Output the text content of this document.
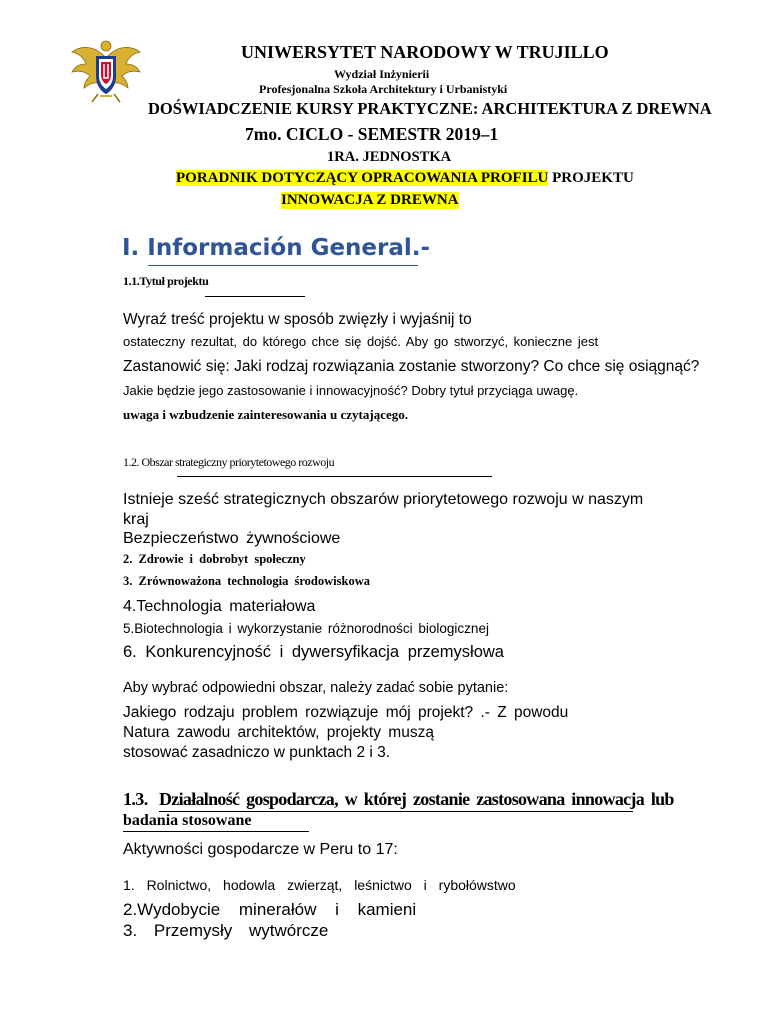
UNIWERSYTET NARODOWY W TRUJILLO
Wydział Inżynierii
Profesjonalna Szkoła Architektury i Urbanistyki
DOŚWIADCZENIE KURSY PRAKTYCZNE: ARCHITEKTURA Z DREWNA
7mo. CICLO - SEMESTR 2019–1
1RA. JEDNOSTKA
PORADNIK DOTYCZĄCY OPRACOWANIA PROFILU PROJEKTU
INNOWACJA Z DREWNA
I. Información General.-
1.1.Tytuł projektu
Wyraź treść projektu w sposób zwięzły i wyjaśnij to
ostateczny rezultat, do którego chce się dojść. Aby go stworzyć, konieczne jest
Zastanowić się: Jaki rodzaj rozwiązania zostanie stworzony? Co chce się osiągnąć?
Jakie będzie jego zastosowanie i innowacyjność? Dobry tytuł przyciąga uwagę.
uwaga i wzbudzenie zainteresowania u czytającego.
1.2. Obszar strategiczny priorytetowego rozwoju
Istnieje sześć strategicznych obszarów priorytetowego rozwoju w naszym
kraj
Bezpieczeństwo żywnościowe
2. Zdrowie i dobrobyt społeczny
3. Zrównoważona technologia środowiskowa
4.Technologia materiałowa
5.Biotechnologia i wykorzystanie różnorodności biologicznej
6. Konkurencyjność i dywersyfikacja przemysłowa
Aby wybrać odpowiedni obszar, należy zadać sobie pytanie:
Jakiego rodzaju problem rozwiązuje mój projekt? .- Z powodu
Natura zawodu architektów, projekty muszą
stosować zasadniczo w punktach 2 i 3.
1.3. Działalność gospodarcza, w której zostanie zastosowana innowacja lub
badania stosowane
Aktywności gospodarcze w Peru to 17:
1. Rolnictwo, hodowla zwierząt, leśnictwo i rybołówstwo
2.Wydobycie minerałów i kamieni
3. Przemysły wytwórcze
